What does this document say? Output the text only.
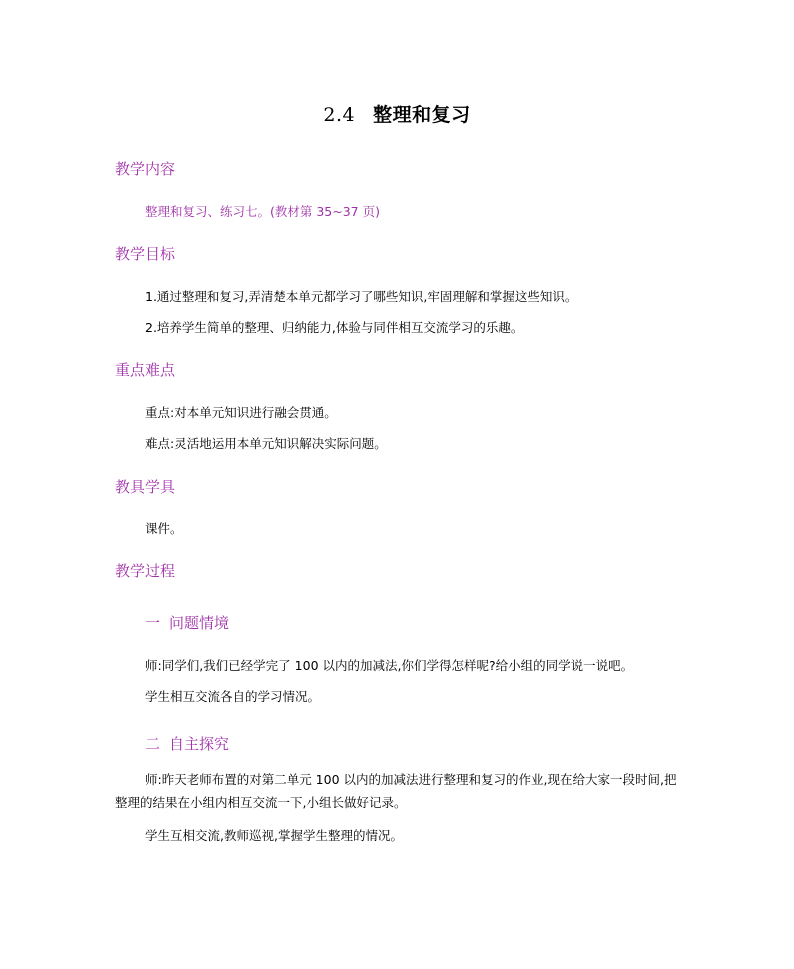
2.4 整理和复习
教学内容
整理和复习、练习七。(教材第 35~37 页)
教学目标
1.通过整理和复习,弄清楚本单元都学习了哪些知识,牢固理解和掌握这些知识。
2.培养学生简单的整理、归纳能力,体验与同伴相互交流学习的乐趣。
重点难点
重点:对本单元知识进行融会贯通。
难点:灵活地运用本单元知识解决实际问题。
教具学具
课件。
教学过程
一 问题情境
师:同学们,我们已经学完了 100 以内的加减法,你们学得怎样呢?给小组的同学说一说吧。
学生相互交流各自的学习情况。
二 自主探究
师:昨天老师布置的对第二单元 100 以内的加减法进行整理和复习的作业,现在给大家一段时间,把整理的结果在小组内相互交流一下,小组长做好记录。
学生互相交流,教师巡视,掌握学生整理的情况。
